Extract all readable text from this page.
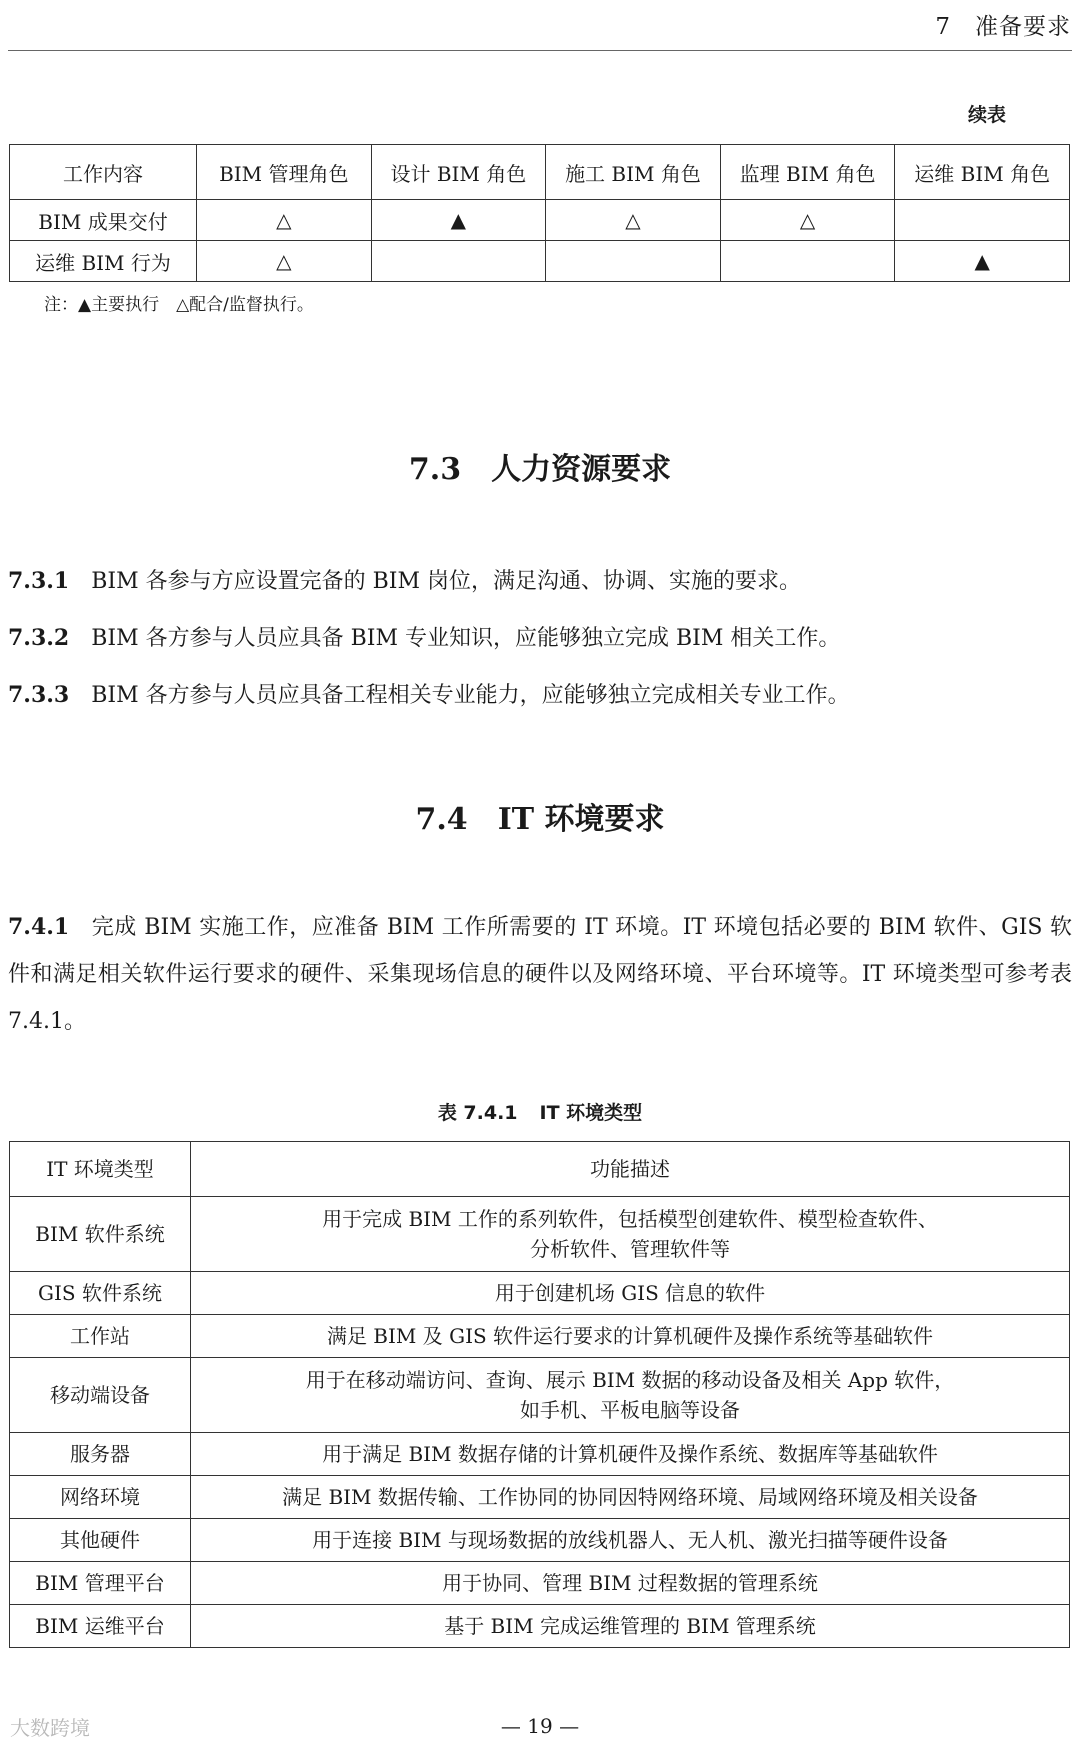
7　准备要求
续表
工作内容	BIM 管理角色	设计 BIM 角色	施工 BIM 角色	监理 BIM 角色	运维 BIM 角色
BIM 成果交付	△	▲	△	△	
运维 BIM 行为	△				▲
注：▲主要执行　△配合/监督执行。
7.3 人力资源要求
7.3.1 BIM 各参与方应设置完备的 BIM 岗位，满足沟通、协调、实施的要求。
7.3.2 BIM 各方参与人员应具备 BIM 专业知识，应能够独立完成 BIM 相关工作。
7.3.3 BIM 各方参与人员应具备工程相关专业能力，应能够独立完成相关专业工作。
7.4 IT 环境要求
7.4.1 完成 BIM 实施工作，应准备 BIM 工作所需要的 IT 环境。IT 环境包括必要的 BIM 软件、GIS 软件和满足相关软件运行要求的硬件、采集现场信息的硬件以及网络环境、平台环境等。IT 环境类型可参考表 7.4.1。
表 7.4.1 IT 环境类型
IT 环境类型	功能描述
BIM 软件系统	用于完成 BIM 工作的系列软件，包括模型创建软件、模型检查软件、
分析软件、管理软件等

GIS 软件系统	用于创建机场 GIS 信息的软件
工作站	满足 BIM 及 GIS 软件运行要求的计算机硬件及操作系统等基础软件
移动端设备	用于在移动端访问、查询、展示 BIM 数据的移动设备及相关 App 软件，
如手机、平板电脑等设备

服务器	用于满足 BIM 数据存储的计算机硬件及操作系统、数据库等基础软件
网络环境	满足 BIM 数据传输、工作协同的协同因特网络环境、局域网络环境及相关设备
其他硬件	用于连接 BIM 与现场数据的放线机器人、无人机、激光扫描等硬件设备
BIM 管理平台	用于协同、管理 BIM 过程数据的管理系统
BIM 运维平台	基于 BIM 完成运维管理的 BIM 管理系统
— 19 —
大数跨境
